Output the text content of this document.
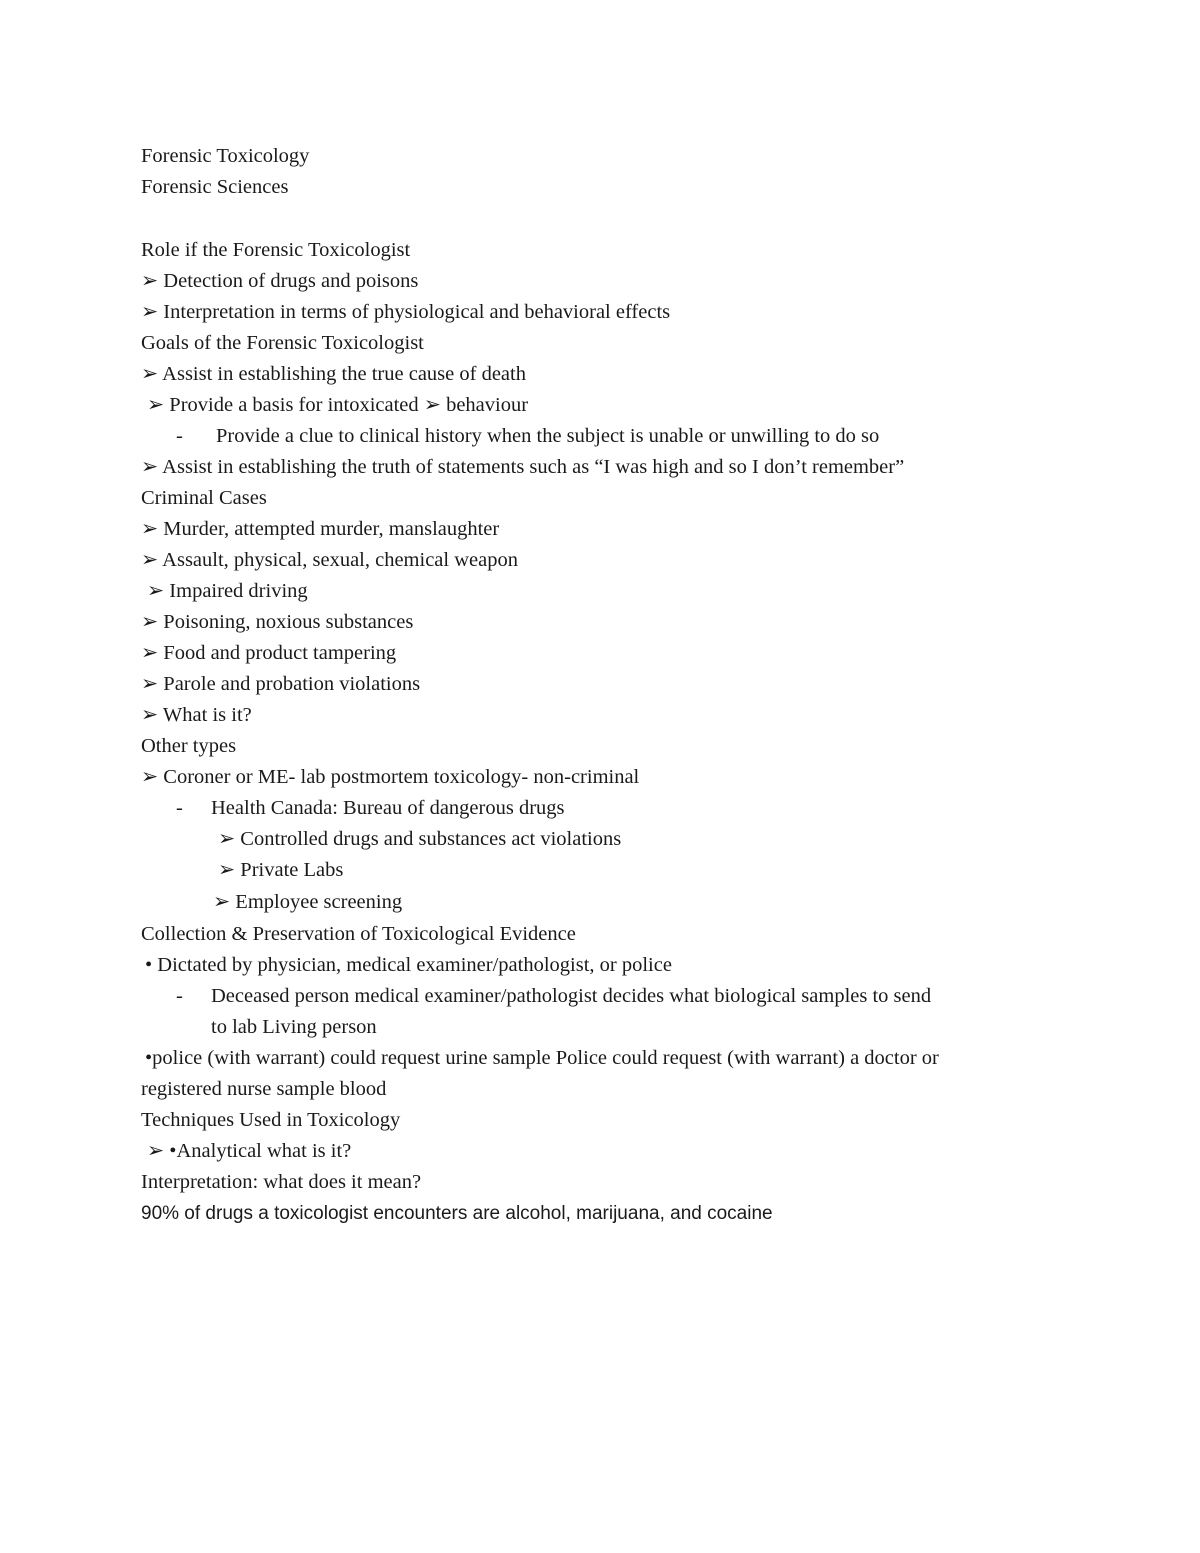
Forensic Toxicology
Forensic Sciences
Role if the Forensic Toxicologist
➢ Detection of drugs and poisons
➢ Interpretation in terms of physiological and behavioral effects
Goals of the Forensic Toxicologist
➢ Assist in establishing the true cause of death
➢ Provide a basis for intoxicated ➢ behaviour
- Provide a clue to clinical history when the subject is unable or unwilling to do so
➢ Assist in establishing the truth of statements such as “I was high and so I don’t remember”
Criminal Cases
➢ Murder, attempted murder, manslaughter
➢ Assault, physical, sexual, chemical weapon
➢ Impaired driving
➢ Poisoning, noxious substances
➢ Food and product tampering
➢ Parole and probation violations
➢ What is it?
Other types
➢ Coroner or ME- lab postmortem toxicology- non-criminal
- Health Canada: Bureau of dangerous drugs
➢ Controlled drugs and substances act violations
➢ Private Labs
➢ Employee screening
Collection & Preservation of Toxicological Evidence
• Dictated by physician, medical examiner/pathologist, or police
- Deceased person medical examiner/pathologist decides what biological samples to send
to lab Living person
•police (with warrant) could request urine sample Police could request (with warrant) a doctor or
registered nurse sample blood
Techniques Used in Toxicology
➢ •Analytical what is it?
Interpretation: what does it mean?
90% of drugs a toxicologist encounters are alcohol, marijuana, and cocaine
